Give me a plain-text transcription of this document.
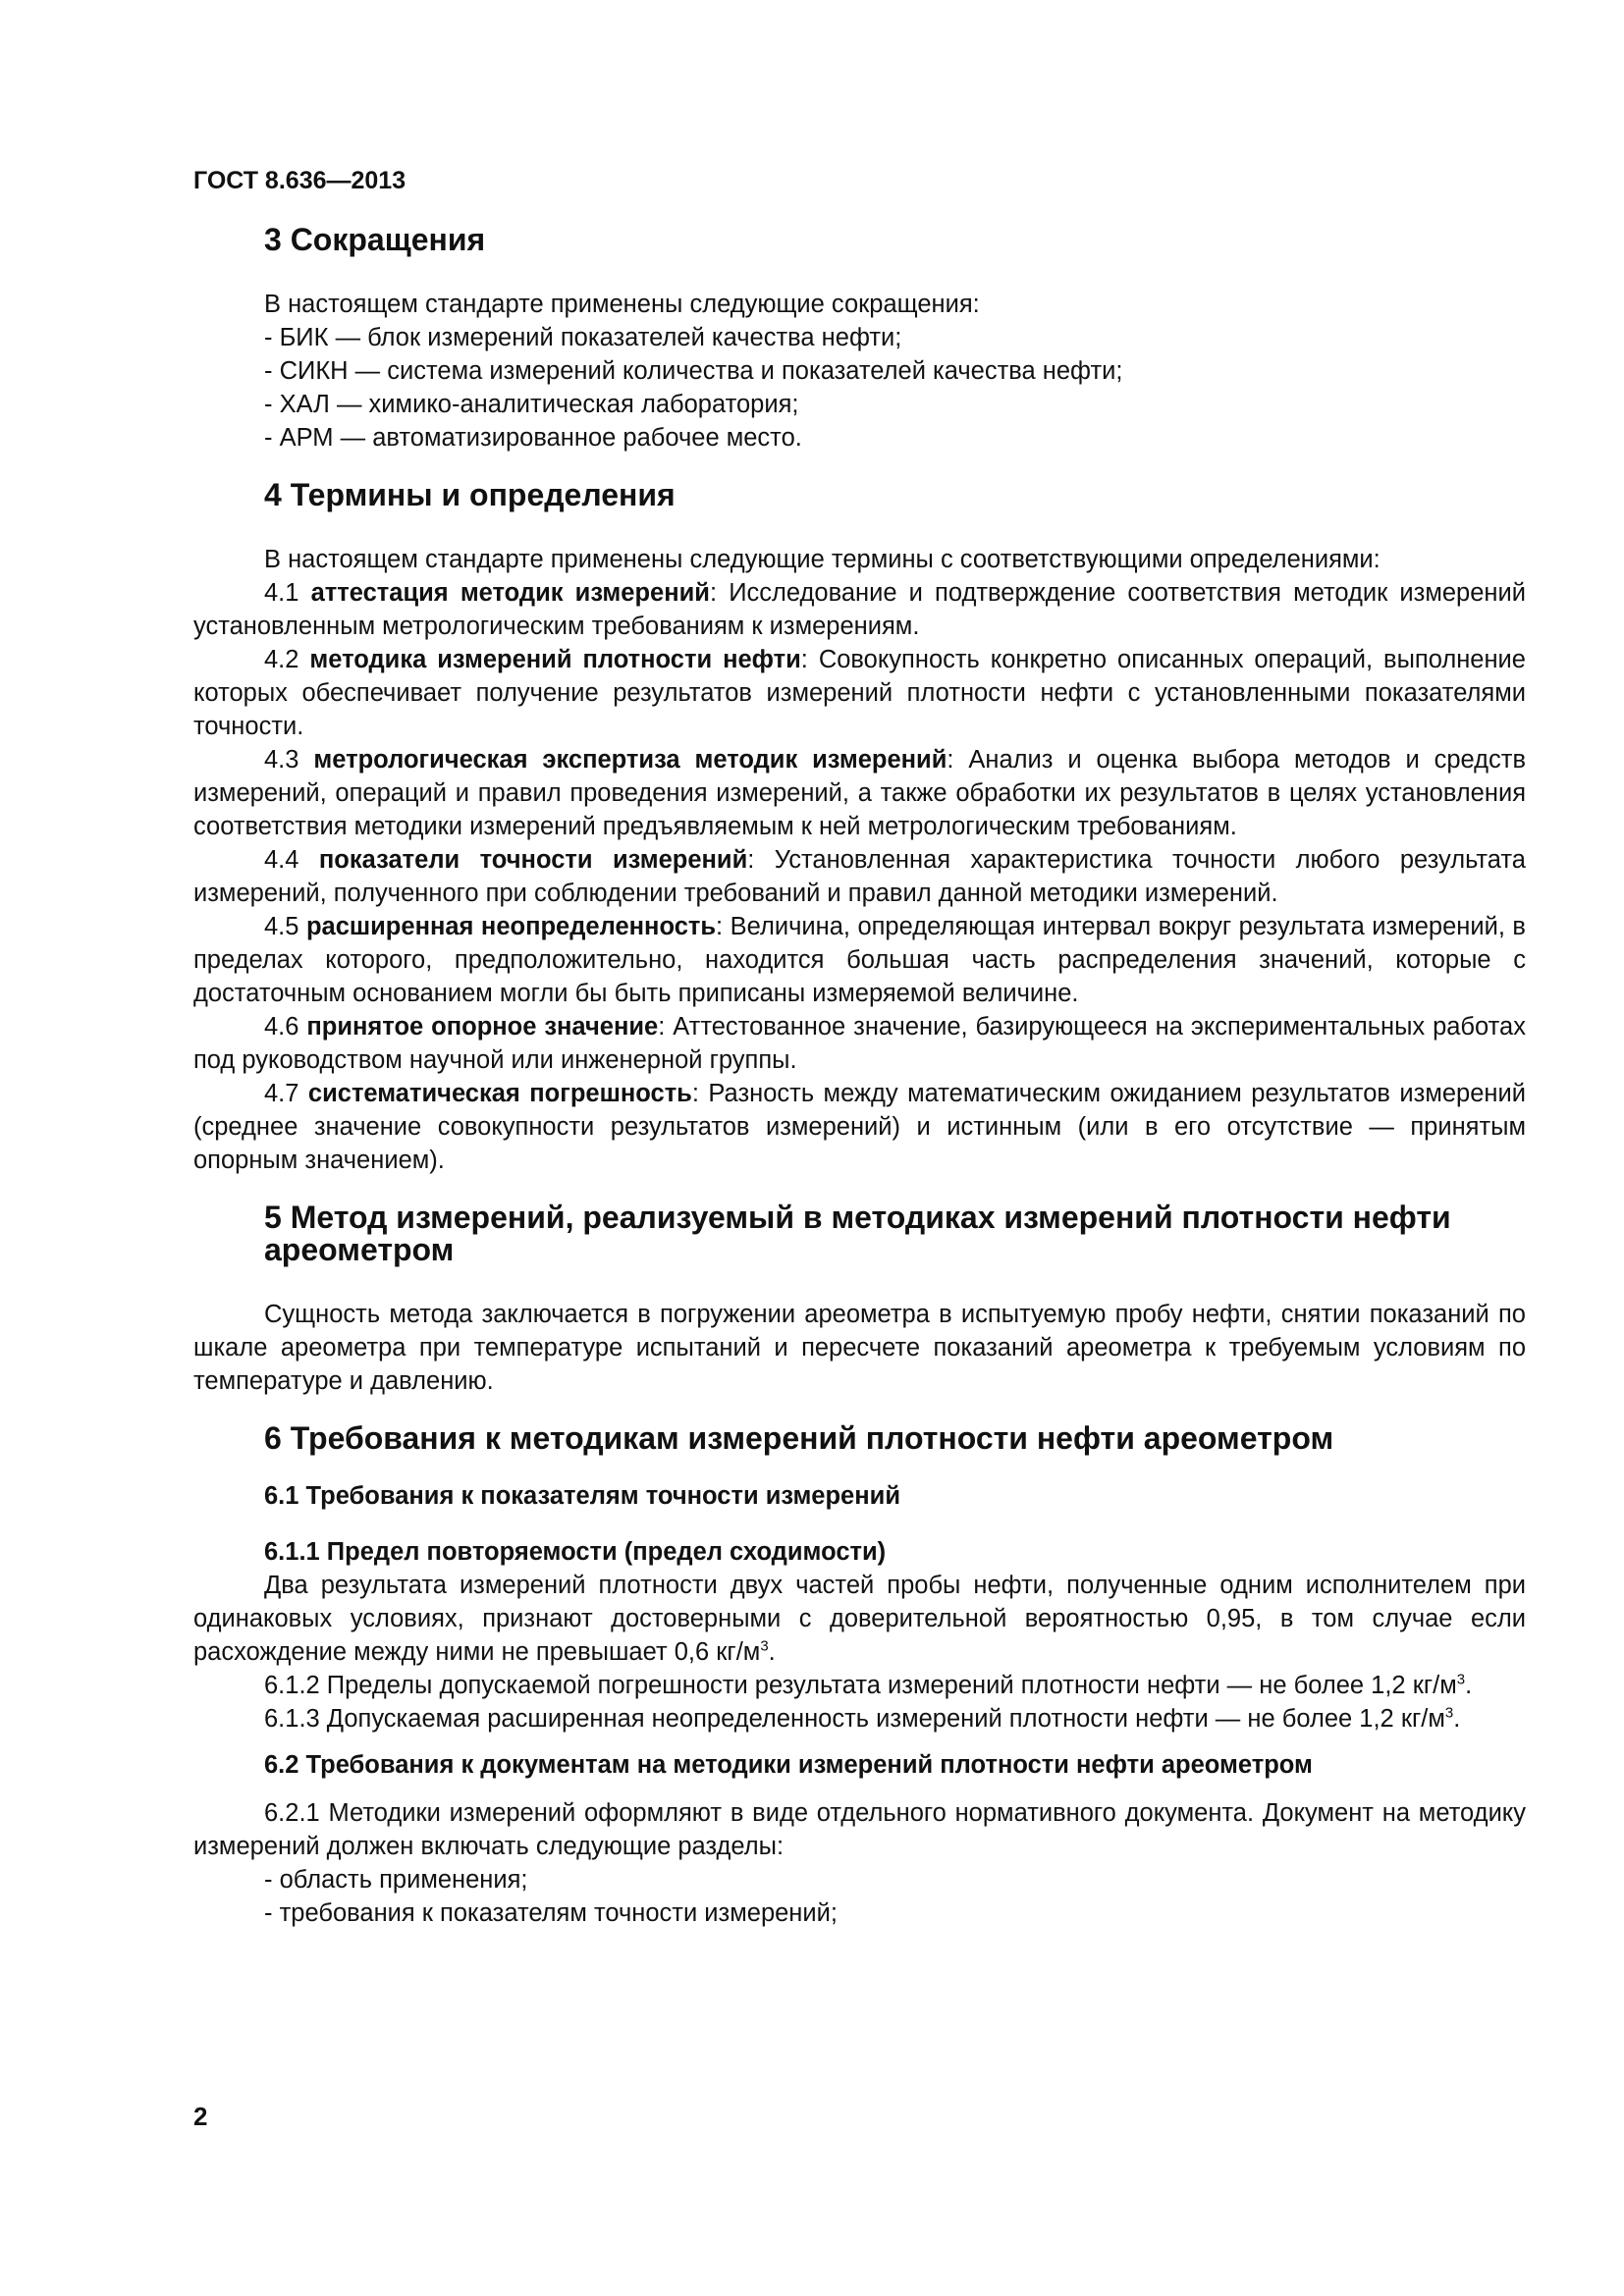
ГОСТ 8.636—2013
3 Сокращения

В настоящем стандарте применены следующие сокращения:

- БИК — блок измерений показателей качества нефти;

- СИКН — система измерений количества и показателей качества нефти;

- ХАЛ — химико-аналитическая лаборатория;

- АРМ — автоматизированное рабочее место.

4 Термины и определения

В настоящем стандарте применены следующие термины с соответствующими определениями:

4.1 аттестация методик измерений: Исследование и подтверждение соответствия методик измерений установленным метрологическим требованиям к измерениям.

4.2 методика измерений плотности нефти: Совокупность конкретно описанных операций, выполнение которых обеспечивает получение результатов измерений плотности нефти с установленными показателями точности.

4.3 метрологическая экспертиза методик измерений: Анализ и оценка выбора методов и средств измерений, операций и правил проведения измерений, а также обработки их результатов в целях установления соответствия методики измерений предъявляемым к ней метрологическим требованиям.

4.4 показатели точности измерений: Установленная характеристика точности любого результата измерений, полученного при соблюдении требований и правил данной методики измерений.

4.5 расширенная неопределенность: Величина, определяющая интервал вокруг результата измерений, в пределах которого, предположительно, находится большая часть распределения значений, которые с достаточным основанием могли бы быть приписаны измеряемой величине.

4.6 принятое опорное значение: Аттестованное значение, базирующееся на экспериментальных работах под руководством научной или инженерной группы.

4.7 систематическая погрешность: Разность между математическим ожиданием результатов измерений (среднее значение совокупности результатов измерений) и истинным (или в его отсутствие — принятым опорным значением).

5 Метод измерений, реализуемый в методиках измерений плотности нефти ареометром

Сущность метода заключается в погружении ареометра в испытуемую пробу нефти, снятии показаний по шкале ареометра при температуре испытаний и пересчете показаний ареометра к требуемым условиям по температуре и давлению.

6 Требования к методикам измерений плотности нефти ареометром
6.1 Требования к показателям точности измерений
6.1.1 Предел повторяемости (предел сходимости)

Два результата измерений плотности двух частей пробы нефти, полученные одним исполнителем при одинаковых условиях, признают достоверными с доверительной вероятностью 0,95, в том случае если расхождение между ними не превышает 0,6 $кг/м^3$.

6.1.2 Пределы допускаемой погрешности результата измерений плотности нефти — не более 1,2 $кг/м^3$.

6.1.3 Допускаемая расширенная неопределенность измерений плотности нефти — не более 1,2 $кг/м^3$.

6.2 Требования к документам на методики измерений плотности нефти ареометром

6.2.1 Методики измерений оформляют в виде отдельного нормативного документа. Документ на методику измерений должен включать следующие разделы:

- область применения;

- требования к показателям точности измерений;

2
